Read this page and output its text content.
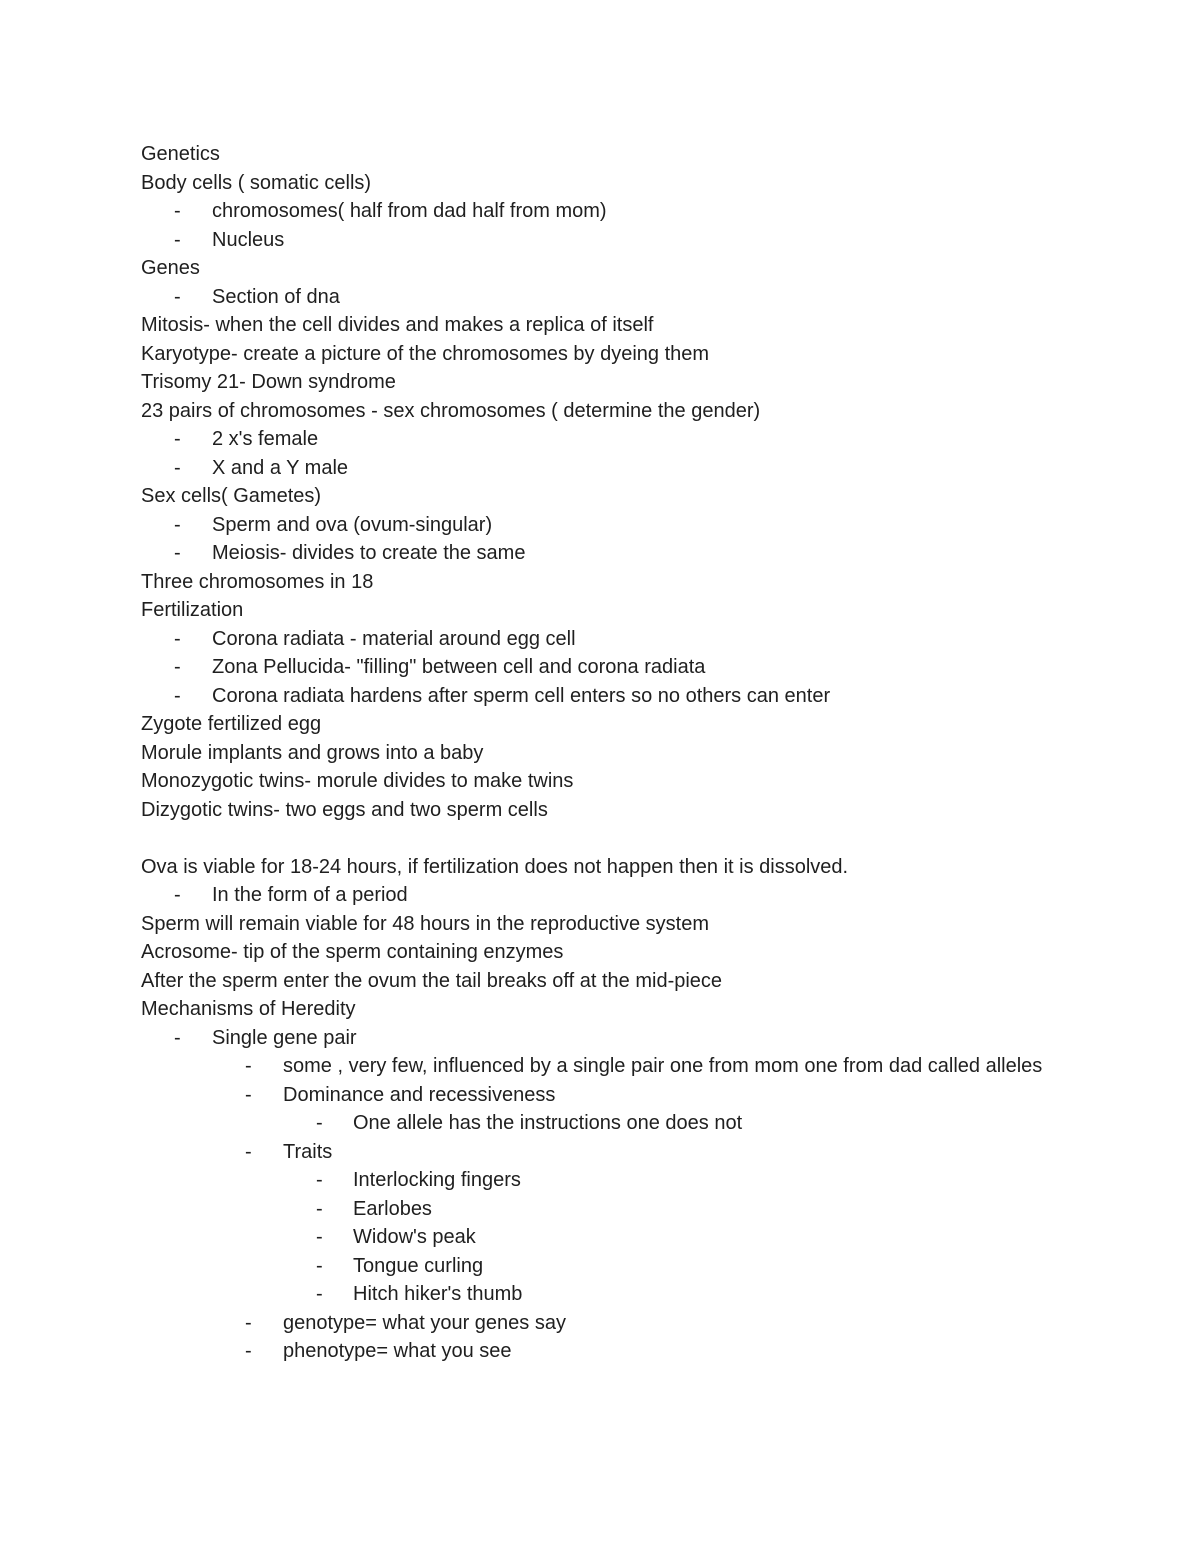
Genetics
Body cells ( somatic cells)
- chromosomes( half from dad half from mom)
- Nucleus
Genes
- Section of dna
Mitosis- when the cell divides and makes a replica of itself
Karyotype- create a picture of the chromosomes by dyeing them
Trisomy 21- Down syndrome
23 pairs of chromosomes - sex chromosomes ( determine the gender)
- 2 x's female
- X and a Y male
Sex cells( Gametes)
- Sperm and ova (ovum-singular)
- Meiosis- divides to create the same
Three chromosomes in 18
Fertilization
- Corona radiata - material around egg cell
- Zona Pellucida- "filling" between cell and corona radiata
- Corona radiata hardens after sperm cell enters so no others can enter
Zygote fertilized egg
Morule implants and grows into a baby
Monozygotic twins- morule divides to make twins
Dizygotic twins- two eggs and two sperm cells
Ova is viable for 18-24 hours, if fertilization does not happen then it is dissolved.
- In the form of a period
Sperm will remain viable for 48 hours in the reproductive system
Acrosome- tip of the sperm containing enzymes
After the sperm enter the ovum the tail breaks off at the mid-piece
Mechanisms of Heredity
- Single gene pair
- some , very few, influenced by a single pair one from mom one from dad called alleles
- Dominance and recessiveness
- One allele has the instructions one does not
- Traits
- Interlocking fingers
- Earlobes
- Widow's peak
- Tongue curling
- Hitch hiker's thumb
- genotype= what your genes say
- phenotype= what you see
